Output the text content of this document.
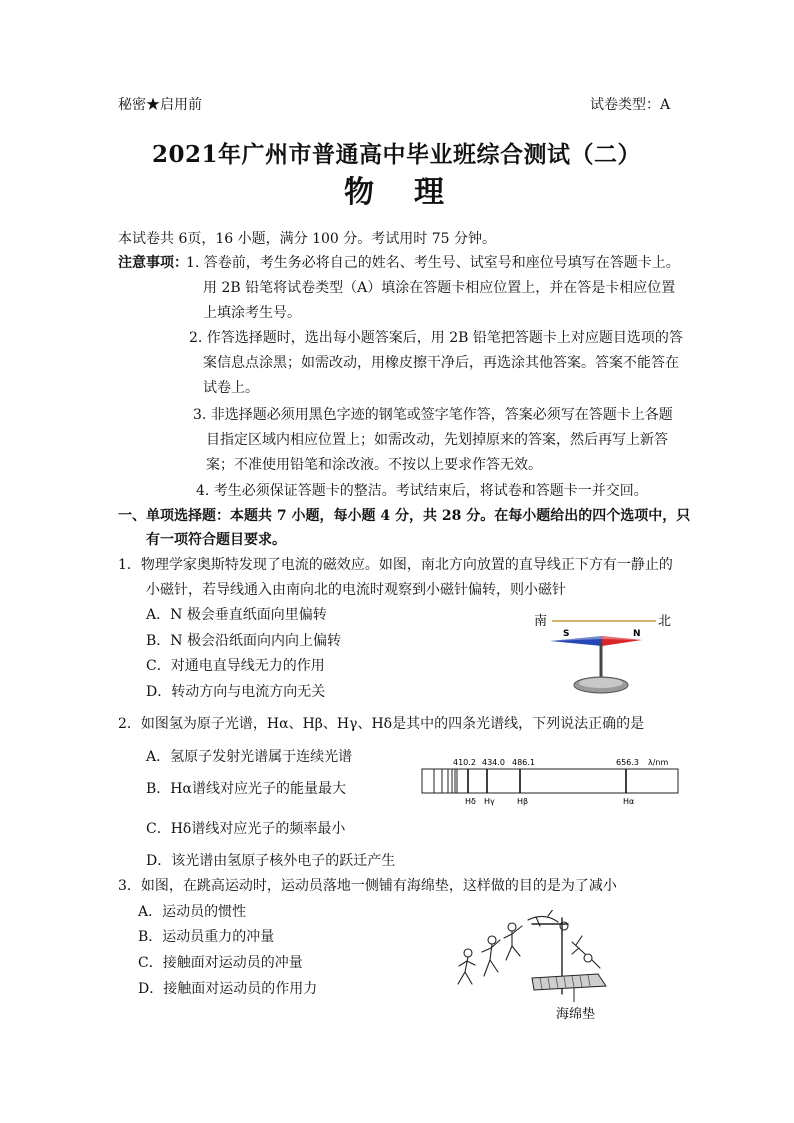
秘密★启用前	试卷类型：A
2021年广州市普通高中毕业班综合测试（二）
物理
本试卷共 6页，16 小题，满分 100 分。考试用时 75 分钟。
注意事项：
1. 答卷前，考生务必将自己的姓名、考生号、试室号和座位号填写在答题卡上。
用 2B 铅笔将试卷类型（A）填涂在答题卡相应位置上，并在答是卡相应位置
上填涂考生号。
2. 作答选择题时，选出每小题答案后，用 2B 铅笔把答题卡上对应题目选项的答
案信息点涂黑；如需改动，用橡皮擦干净后，再选涂其他答案。答案不能答在
试卷上。
3. 非选择题必须用黑色字迹的钢笔或签字笔作答，答案必须写在答题卡上各题
目指定区域内相应位置上；如需改动，先划掉原来的答案，然后再写上新答
案；不准使用铅笔和涂改液。不按以上要求作答无效。
4. 考生必须保证答题卡的整洁。考试结束后，将试卷和答题卡一并交回。
一、单项选择题：本题共 7 小题，每小题 4 分，共 28 分。在每小题给出的四个选项中，只
有一项符合题目要求。
1．物理学家奥斯特发现了电流的磁效应。如图，南北方向放置的直导线正下方有一静止的
小磁针，若导线通入由南向北的电流时观察到小磁针偏转，则小磁针
A．N 极会垂直纸面向里偏转
B．N 极会沿纸面向内向上偏转
C．对通电直导线无力的作用
D．转动方向与电流方向无关
南	北
S	N
2．如图氢为原子光谱，Hα、Hβ、Hγ、Hδ是其中的四条光谱线，下列说法正确的是
A．氢原子发射光谱属于连续光谱
B．Hα谱线对应光子的能量最大
C．Hδ谱线对应光子的频率最小
D．该光谱由氢原子核外电子的跃迁产生
410.2 434.0 486.1	656.3 λ/nm
Hδ Hγ	Hβ	Hα
3．如图，在跳高运动时，运动员落地一侧铺有海绵垫，这样做的目的是为了减小
A．运动员的惯性
B．运动员重力的冲量
C．接触面对运动员的冲量
D．接触面对运动员的作用力
海绵垫
